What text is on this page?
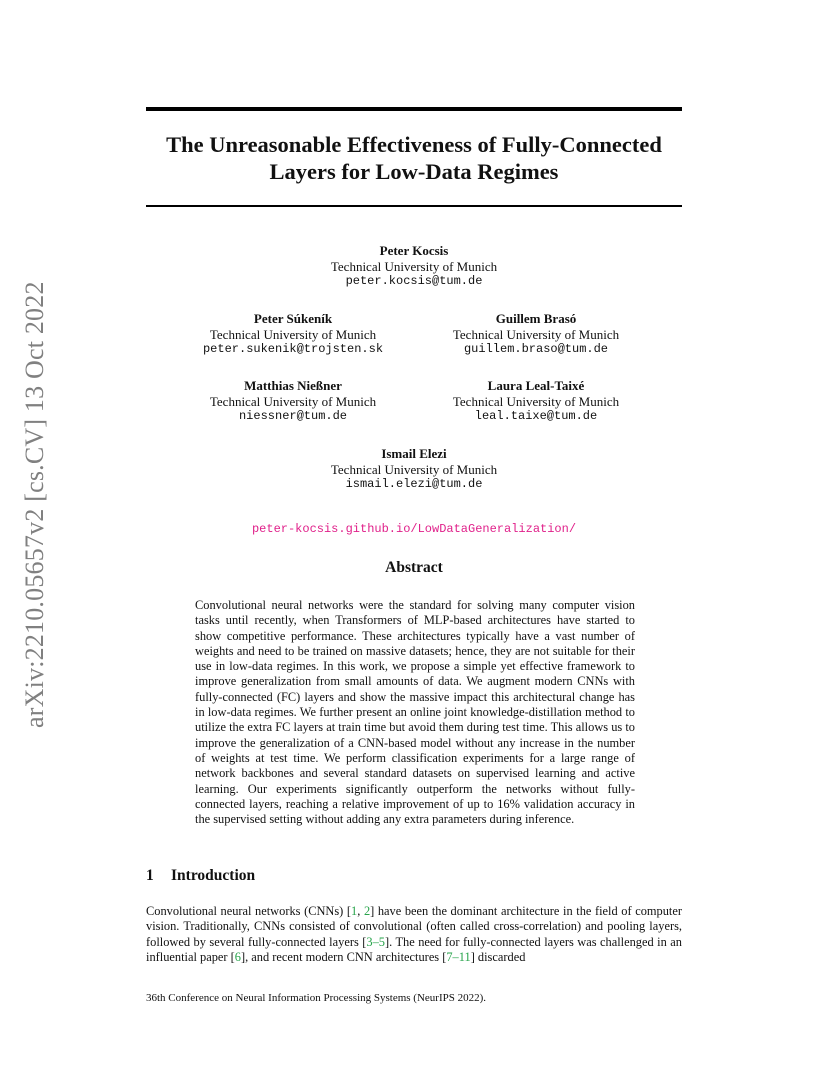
The Unreasonable Effectiveness of Fully-Connected Layers for Low-Data Regimes
arXiv:2210.05657v2 [cs.CV] 13 Oct 2022
Peter Kocsis
Technical University of Munich
peter.kocsis@tum.de
Peter Súkeník
Technical University of Munich
peter.sukenik@trojsten.sk
Guillem Brasó
Technical University of Munich
guillem.braso@tum.de
Matthias Nießner
Technical University of Munich
niessner@tum.de
Laura Leal-Taixé
Technical University of Munich
leal.taixe@tum.de
Ismail Elezi
Technical University of Munich
ismail.elezi@tum.de
peter-kocsis.github.io/LowDataGeneralization/
Abstract

Convolutional neural networks were the standard for solving many computer vision tasks until recently, when Transformers of MLP-based architectures have started to show competitive performance. These architectures typically have a vast number of weights and need to be trained on massive datasets; hence, they are not suitable for their use in low-data regimes. In this work, we propose a simple yet effective framework to improve generalization from small amounts of data. We augment modern CNNs with fully-connected (FC) layers and show the massive impact this architectural change has in low-data regimes. We further present an online joint knowledge-distillation method to utilize the extra FC layers at train time but avoid them during test time. This allows us to improve the generalization of a CNN-based model without any increase in the number of weights at test time. We perform classification experiments for a large range of network backbones and several standard datasets on supervised learning and active learning. Our experiments significantly outperform the networks without fully-connected layers, reaching a relative improvement of up to 16% validation accuracy in the supervised setting without adding any extra parameters during inference.

1 Introduction

Convolutional neural networks (CNNs) [1, 2] have been the dominant architecture in the field of computer vision. Traditionally, CNNs consisted of convolutional (often called cross-correlation) and pooling layers, followed by several fully-connected layers [3–5]. The need for fully-connected layers was challenged in an influential paper [6], and recent modern CNN architectures [7–11] discarded

36th Conference on Neural Information Processing Systems (NeurIPS 2022).
